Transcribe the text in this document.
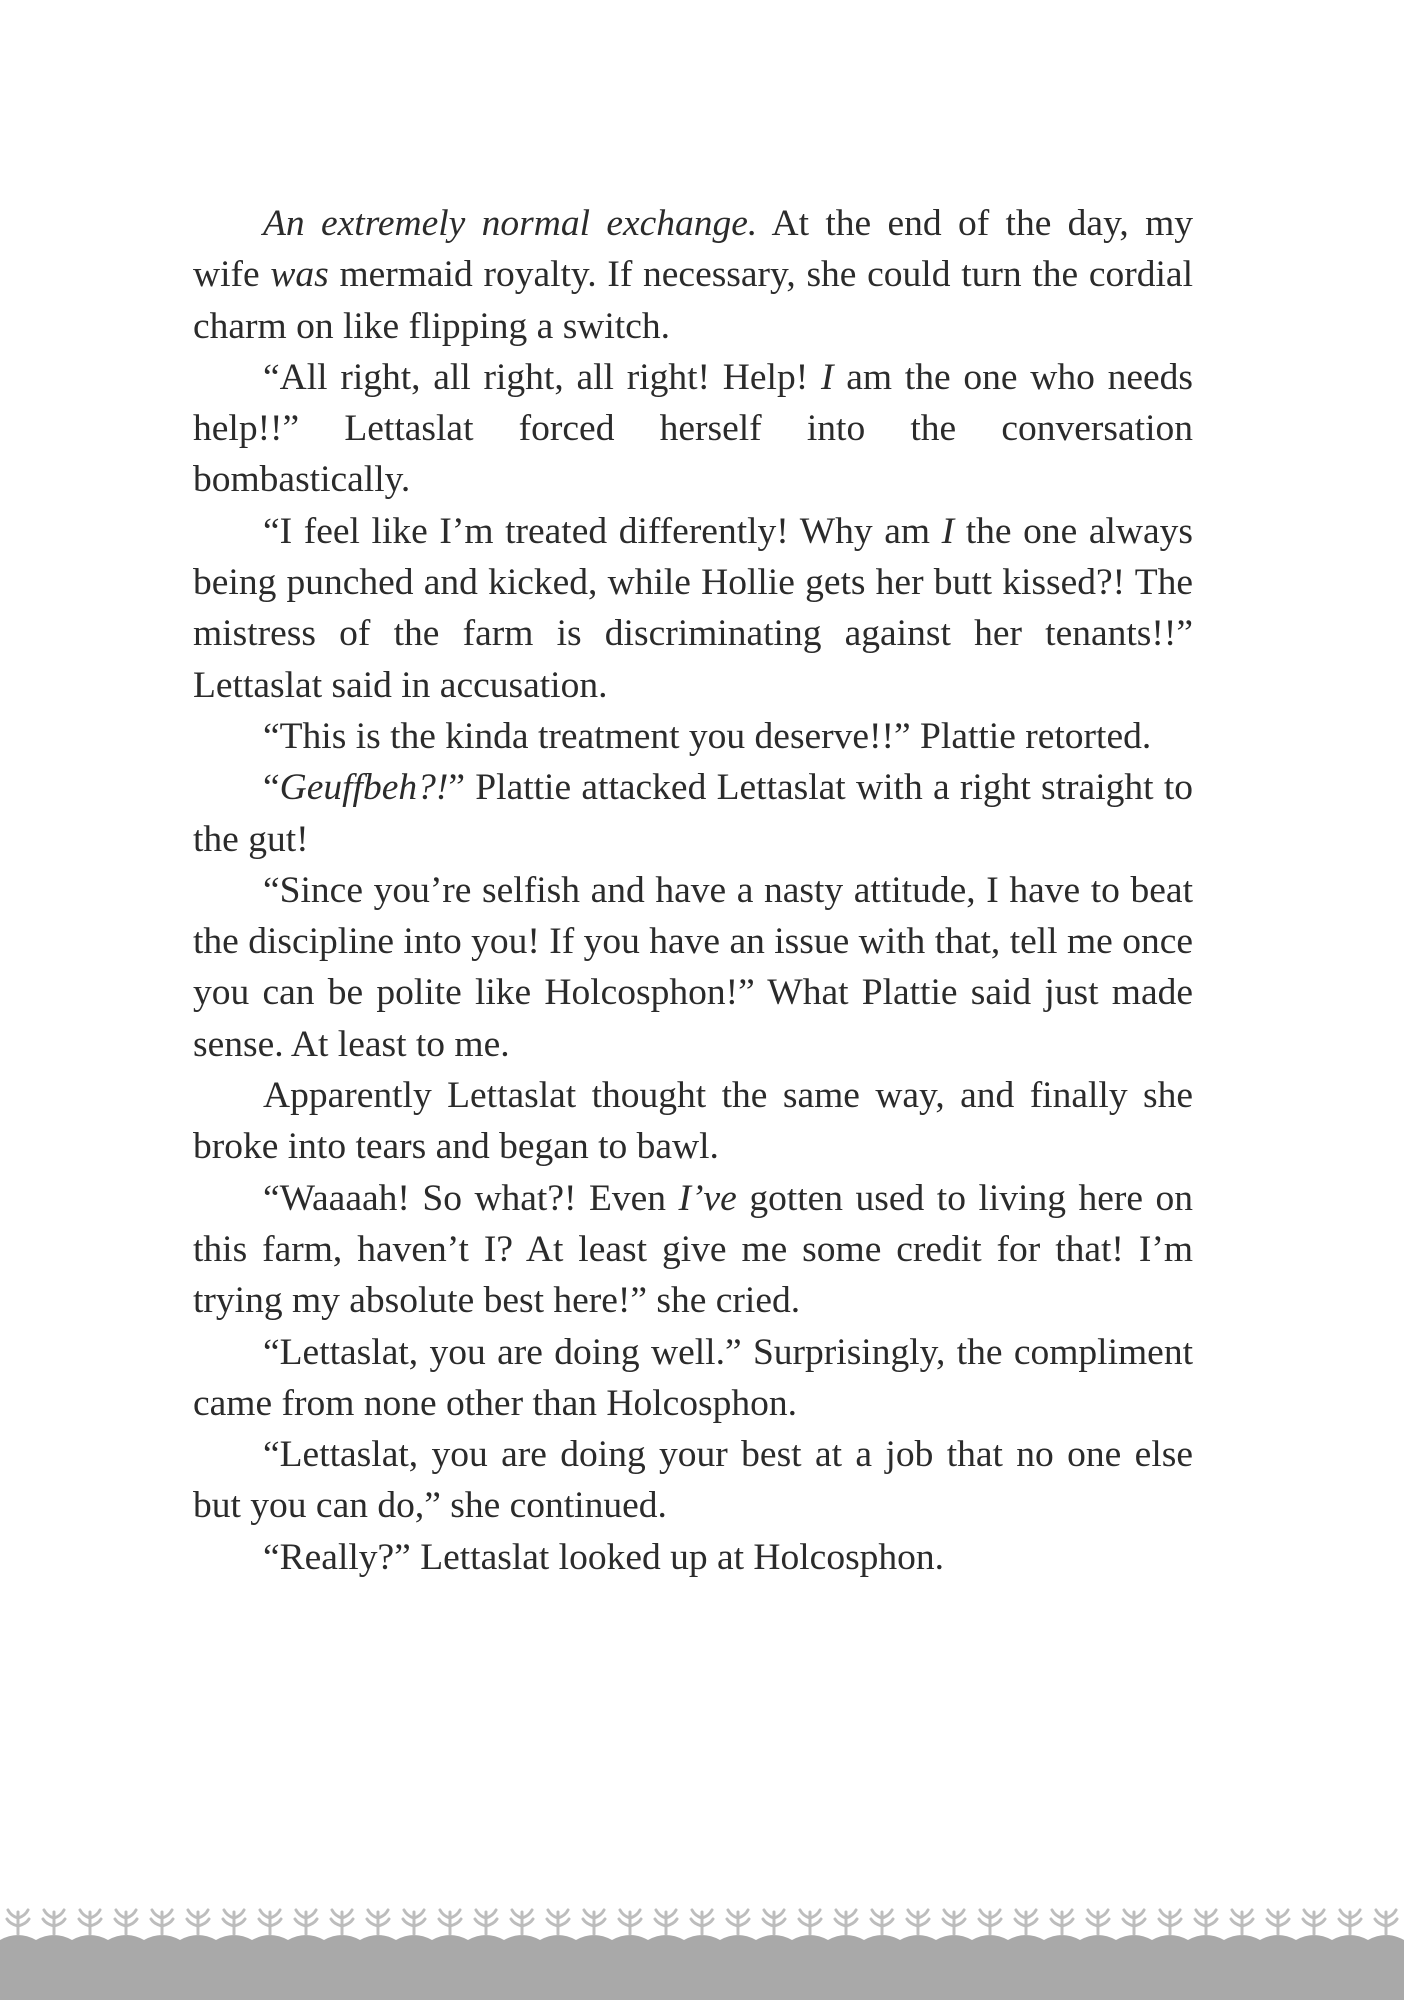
An extremely normal exchange. At the end of the day, my wife was mermaid royalty. If necessary, she could turn the cordial charm on like flipping a switch.

“All right, all right, all right! Help! I am the one who needs help!!” Lettaslat forced herself into the conversation bombastically.

“I feel like I’m treated differently! Why am I the one always being punched and kicked, while Hollie gets her butt kissed?! The mistress of the farm is discriminating against her tenants!!” Lettaslat said in accusation.

“This is the kinda treatment you deserve!!” Plattie retorted.

“Geuffbeh?!” Plattie attacked Lettaslat with a right straight to the gut!

“Since you’re selfish and have a nasty attitude, I have to beat the discipline into you! If you have an issue with that, tell me once you can be polite like Holcosphon!” What Plattie said just made sense. At least to me.

Apparently Lettaslat thought the same way, and finally she broke into tears and began to bawl.

“Waaaah! So what?! Even I’ve gotten used to living here on this farm, haven’t I? At least give me some credit for that! I’m trying my absolute best here!” she cried.

“Lettaslat, you are doing well.” Surprisingly, the compliment came from none other than Holcosphon.

“Lettaslat, you are doing your best at a job that no one else but you can do,” she continued.

“Really?” Lettaslat looked up at Holcosphon.
